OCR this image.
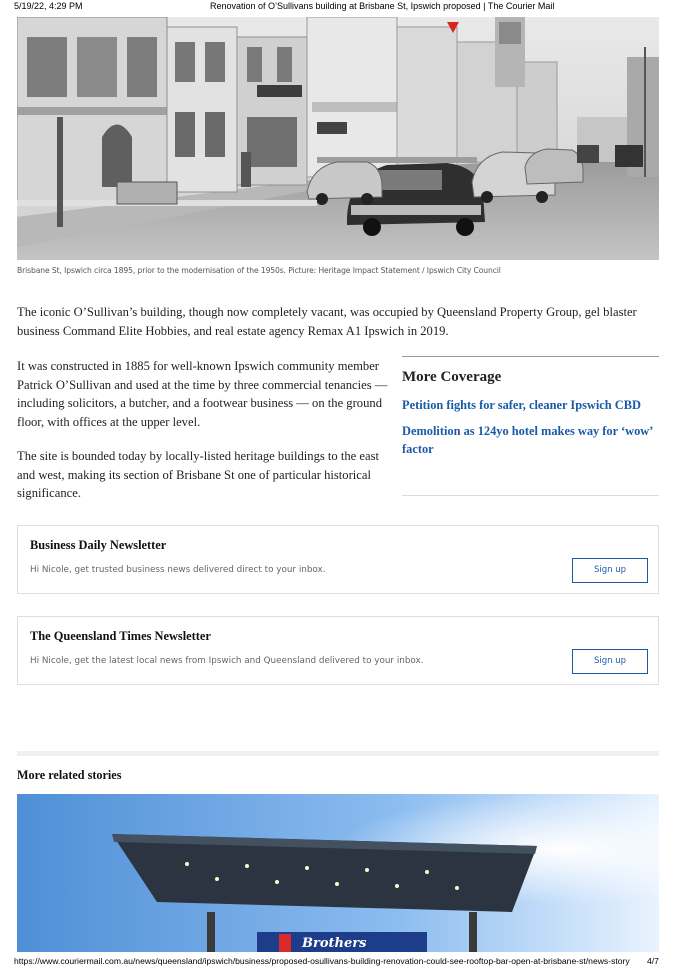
5/19/22, 4:29 PM	Renovation of O’Sullivans building at Brisbane St, Ipswich proposed | The Courier Mail
Brisbane St, Ipswich circa 1895, prior to the modernisation of the 1950s. Picture: Heritage Impact Statement / Ipswich City Council

The iconic O’Sullivan’s building, though now completely vacant, was occupied by Queensland Property Group, gel blaster business Command Elite Hobbies, and real estate agency Remax A1 Ipswich in 2019.

It was constructed in 1885 for well-known Ipswich community member Patrick O’Sullivan and used at the time by three commercial tenancies — including solicitors, a butcher, and a footwear business — on the ground floor, with offices at the upper level.

The site is bounded today by locally-listed heritage buildings to the east and west, making its section of Brisbane St one of particular historical significance.

More Coverage
Petition fights for safer, cleaner Ipswich CBD
Demolition as 124yo hotel makes way for ‘wow’ factor
Business Daily Newsletter
Hi Nicole, get trusted business news delivered direct to your inbox.	Sign up
The Queensland Times Newsletter
Hi Nicole, get the latest local news from Ipswich and Queensland delivered to your inbox.	Sign up
More related stories
Brothers
https://www.couriermail.com.au/news/queensland/ipswich/business/proposed-osullivans-building-renovation-could-see-rooftop-bar-open-at-brisbane-st/news-story	4/7
